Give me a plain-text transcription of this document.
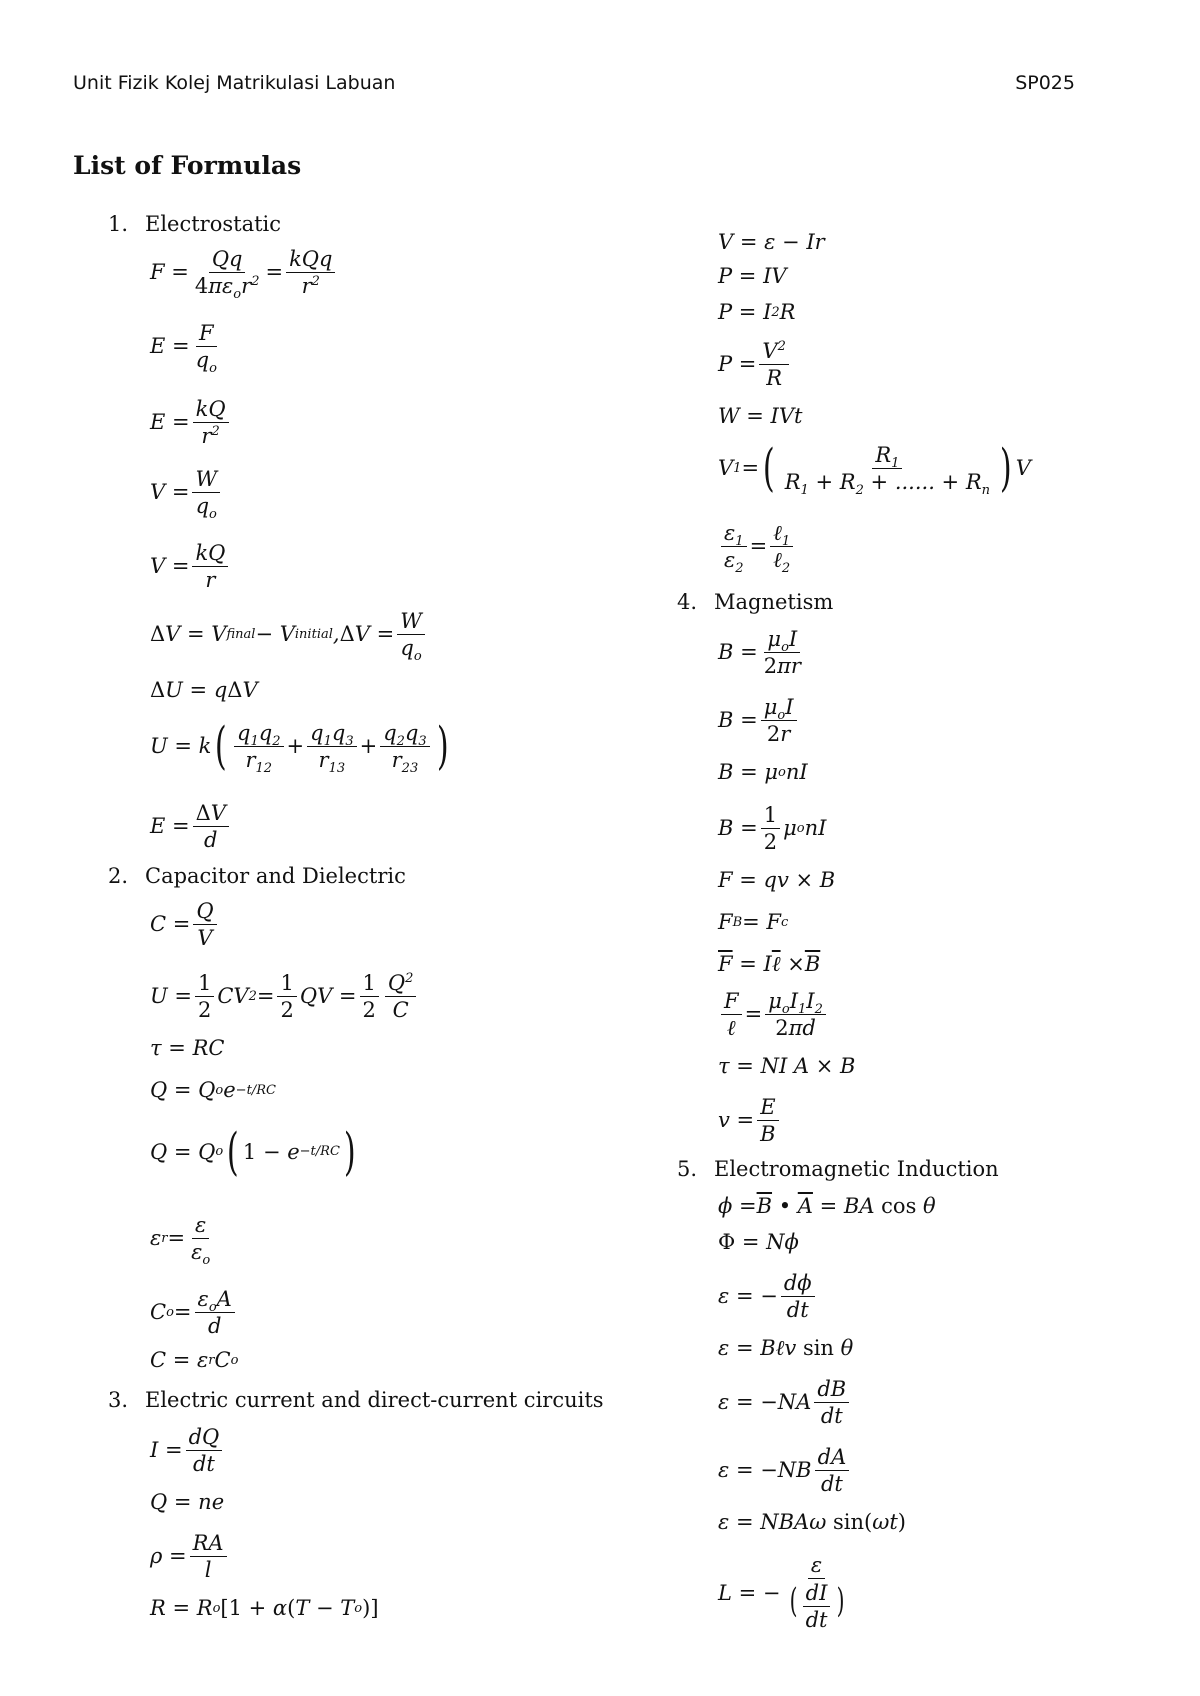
Unit Fizik Kolej Matrikulasi Labuan	SP025
List of Formulas
1. Electrostatic
2. Capacitor and Dielectric
3. Electric current and direct-current circuits
4. Magnetism
5. Electromagnetic Induction
$F = \frac{Qq}{4\pi\varepsilon_or^2} = \frac{\text{kQq}}{r^2}$
$E = \frac{F}{q_o}$
$E = \frac{kQ}{r^2}$
$V = \frac{W}{q_o}$
$V = \frac{kQ}{r}$
Δ V = V final − V initial , Δ $V = \frac{W}{q_o}$
Δ U = q Δ V
U = k ( $\frac{q_1q_2}{r_{12}} + \frac{q_1q_3}{r_{13}} + \frac{q_2q_3}{r_{23}}$ )
$E = \frac{\Delta V}{d}$
$C = \frac{Q}{V}$
$U = \frac{1}{2}$ CV $2 = \frac{1}{2}$ QV = $\frac{1}{2} \frac{Q^2}{C}$
τ = RC
Q = Q o e −t/RC
Q = Q o ( 1 − e −t/RC )
ε $r = \frac{\varepsilon}{\varepsilon_o}$
C $o = \frac{\varepsilon_oA}{d}$
C = ε r C o
$I = \frac{dQ}{dt}$
Q = ne
$\rho = \frac{RA}{l}$
R = R o [1 + α ( T − T o )]
V = ε − Ir
P = IV
P = I 2 R
$P = \frac{V^2}{R}$
W = IVt
V 1 = ( $\frac{R_1}{R_1 + R_2 + ...... + R_n}$ ) V
$\frac{\varepsilon_1}{\varepsilon_2} = \frac{\ell_1}{\ell_2}$
$B = \frac{\mu_oI}{2\pi r}$
$B = \frac{\mu_oI}{2r}$
B = μ o nI
$B = \frac{1}{2}$ μ o nI
F = qv × B
F B = F c
$\overline{F} = I$ ℓ × $\overline{B}$
$\frac{F}{\text{ℓ}} = \frac{\mu_oI_1I_2}{2\pi d}$
τ = NI A × B
$v = \frac{E}{B}$
$\phi = \overline{B}$ • $\overline{A}$ = BA cos θ
Φ = Nϕ
ε = − $\frac{d\phi}{dt}$
ε = Bℓv sin θ
$\varepsilon = -NA \frac{dB}{dt}$
$\varepsilon = -NB \frac{dA}{dt}$
ε = NBAω sin( ωt )
L = − $\frac{\varepsilon}{( \frac{dI}{dt} )}$
